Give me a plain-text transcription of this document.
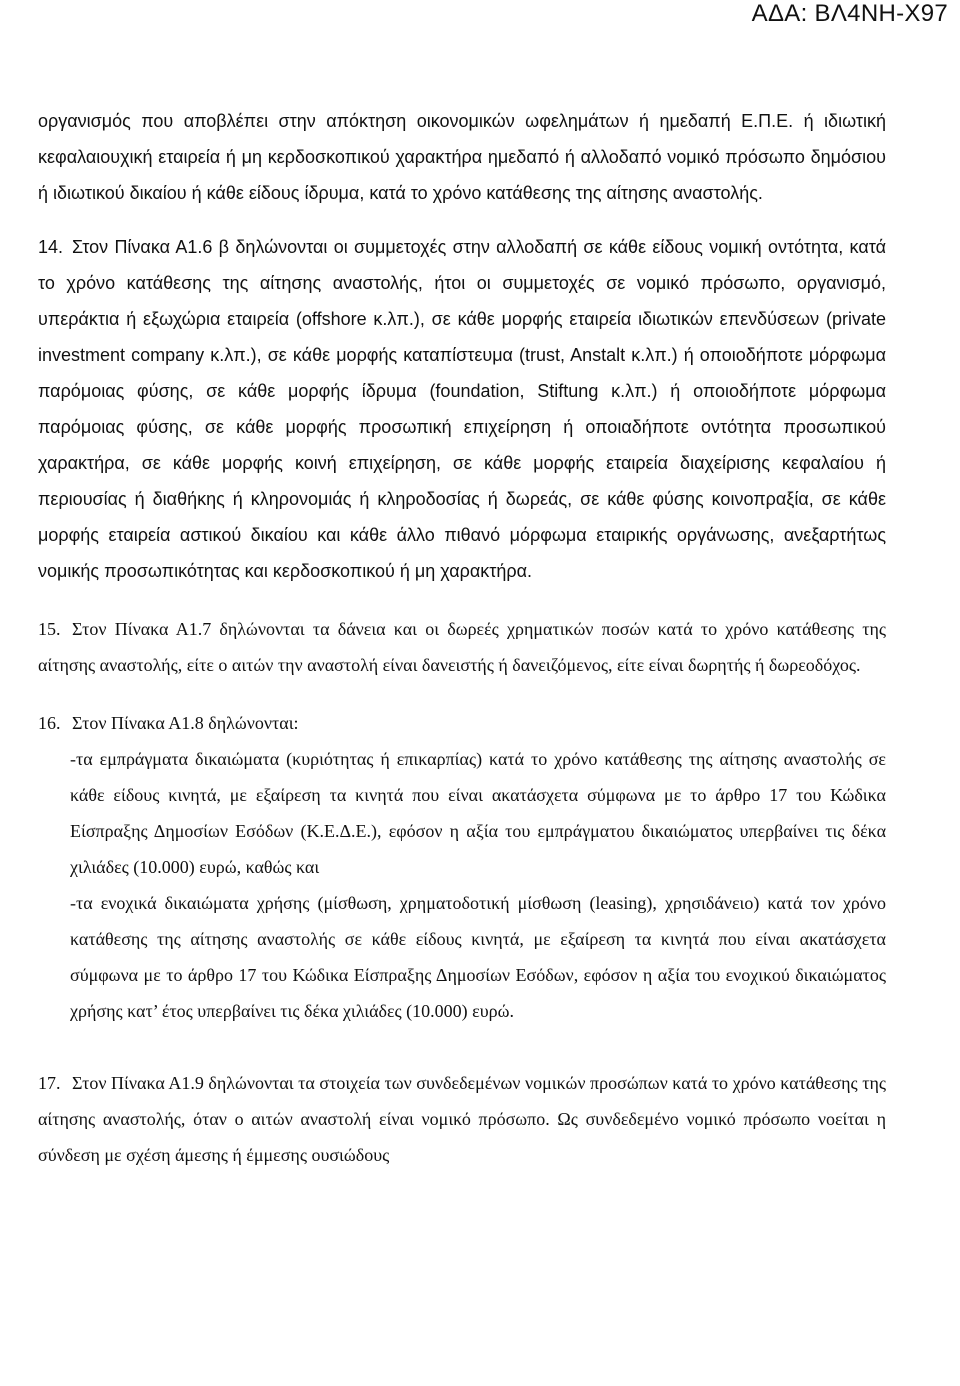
ΑΔΑ: ΒΛ4ΝΗ-Χ97

οργανισμός που αποβλέπει στην απόκτηση οικονομικών ωφελημάτων ή ημεδαπή Ε.Π.Ε. ή ιδιωτική κεφαλαιουχική εταιρεία ή μη κερδοσκοπικού χαρακτήρα ημεδαπό ή αλλοδαπό νομικό πρόσωπο δημόσιου ή ιδιωτικού δικαίου ή κάθε είδους ίδρυμα, κατά το χρόνο κατάθεσης της αίτησης αναστολής.

14. Στον Πίνακα Α1.6 β δηλώνονται οι συμμετοχές στην αλλοδαπή σε κάθε είδους νομική οντότητα, κατά το χρόνο κατάθεσης της αίτησης αναστολής, ήτοι οι συμμετοχές σε νομικό πρόσωπο, οργανισμό, υπεράκτια ή εξωχώρια εταιρεία (offshore κ.λπ.), σε κάθε μορφής εταιρεία ιδιωτικών επενδύσεων (private investment company κ.λπ.), σε κάθε μορφής καταπίστευμα (trust, Anstalt κ.λπ.) ή οποιοδήποτε μόρφωμα παρόμοιας φύσης, σε κάθε μορφής ίδρυμα (foundation, Stiftung κ.λπ.) ή οποιοδήποτε μόρφωμα παρόμοιας φύσης, σε κάθε μορφής προσωπική επιχείρηση ή οποιαδήποτε οντότητα προσωπικού χαρακτήρα, σε κάθε μορφής κοινή επιχείρηση, σε κάθε μορφής εταιρεία διαχείρισης κεφαλαίου ή περιουσίας ή διαθήκης ή κληρονομιάς ή κληροδοσίας ή δωρεάς, σε κάθε φύσης κοινοπραξία, σε κάθε μορφής εταιρεία αστικού δικαίου και κάθε άλλο πιθανό μόρφωμα εταιρικής οργάνωσης, ανεξαρτήτως νομικής προσωπικότητας και κερδοσκοπικού ή μη χαρακτήρα.

15. Στον Πίνακα Α1.7 δηλώνονται τα δάνεια και οι δωρεές χρηματικών ποσών κατά το χρόνο κατάθεσης της αίτησης αναστολής, είτε ο αιτών την αναστολή είναι δανειστής ή δανειζόμενος, είτε είναι δωρητής ή δωρεοδόχος.

16. Στον Πίνακα Α1.8 δηλώνονται:

-τα εμπράγματα δικαιώματα (κυριότητας ή επικαρπίας) κατά το χρόνο κατάθεσης της αίτησης αναστολής σε κάθε είδους κινητά, με εξαίρεση τα κινητά που είναι ακατάσχετα σύμφωνα με το άρθρο 17 του Κώδικα Είσπραξης Δημοσίων Εσόδων (Κ.Ε.Δ.Ε.), εφόσον η αξία του εμπράγματου δικαιώματος υπερβαίνει τις δέκα χιλιάδες (10.000) ευρώ, καθώς και

-τα ενοχικά δικαιώματα χρήσης (μίσθωση, χρηματοδοτική μίσθωση (leasing), χρησιδάνειο) κατά τον χρόνο κατάθεσης της αίτησης αναστολής σε κάθε είδους κινητά, με εξαίρεση τα κινητά που είναι ακατάσχετα σύμφωνα με το άρθρο 17 του Κώδικα Είσπραξης Δημοσίων Εσόδων, εφόσον η αξία του ενοχικού δικαιώματος χρήσης κατ’ έτος υπερβαίνει τις δέκα χιλιάδες (10.000) ευρώ.

17. Στον Πίνακα Α1.9 δηλώνονται τα στοιχεία των συνδεδεμένων νομικών προσώπων κατά το χρόνο κατάθεσης της αίτησης αναστολής, όταν ο αιτών αναστολή είναι νομικό πρόσωπο. Ως συνδεδεμένο νομικό πρόσωπο νοείται η σύνδεση με σχέση άμεσης ή έμμεσης ουσιώδους
